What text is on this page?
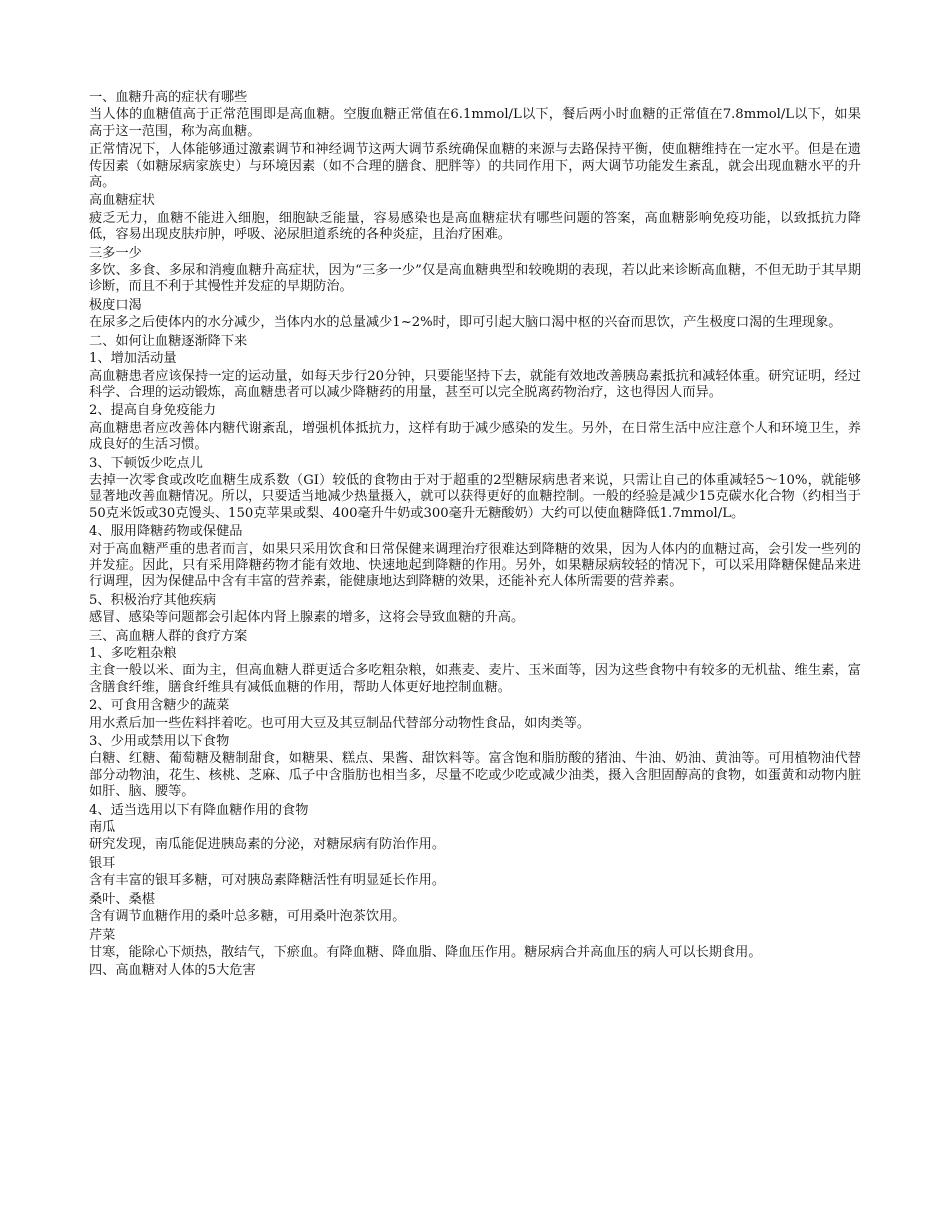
一、血糖升高的症状有哪些

当人体的血糖值高于正常范围即是高血糖。空腹血糖正常值在6.1mmol/L以下，餐后两小时血糖的正常值在7.8mmol/L以下，如果高于这一范围，称为高血糖。

正常情况下，人体能够通过激素调节和神经调节这两大调节系统确保血糖的来源与去路保持平衡，使血糖维持在一定水平。但是在遗传因素（如糖尿病家族史）与环境因素（如不合理的膳食、肥胖等）的共同作用下，两大调节功能发生紊乱，就会出现血糖水平的升高。

高血糖症状

疲乏无力，血糖不能进入细胞，细胞缺乏能量，容易感染也是高血糖症状有哪些问题的答案，高血糖影响免疫功能，以致抵抗力降低，容易出现皮肤疖肿，呼吸、泌尿胆道系统的各种炎症，且治疗困难。

三多一少

多饮、多食、多尿和消瘦血糖升高症状，因为“三多一少”仅是高血糖典型和较晚期的表现，若以此来诊断高血糖，不但无助于其早期诊断，而且不利于其慢性并发症的早期防治。

极度口渴

在尿多之后使体内的水分减少，当体内水的总量减少1~2%时，即可引起大脑口渴中枢的兴奋而思饮，产生极度口渴的生理现象。

二、如何让血糖逐渐降下来

1、增加活动量

高血糖患者应该保持一定的运动量，如每天步行20分钟，只要能坚持下去，就能有效地改善胰岛素抵抗和减轻体重。研究证明，经过科学、合理的运动锻炼，高血糖患者可以减少降糖药的用量，甚至可以完全脱离药物治疗，这也得因人而异。

2、提高自身免疫能力

高血糖患者应改善体内糖代谢紊乱，增强机体抵抗力，这样有助于减少感染的发生。另外，在日常生活中应注意个人和环境卫生，养成良好的生活习惯。

3、下顿饭少吃点儿

去掉一次零食或改吃血糖生成系数（GI）较低的食物由于对于超重的2型糖尿病患者来说，只需让自己的体重减轻5～10%，就能够显著地改善血糖情况。所以，只要适当地减少热量摄入，就可以获得更好的血糖控制。一般的经验是减少15克碳水化合物（约相当于50克米饭或30克馒头、150克苹果或梨、400毫升牛奶或300毫升无糖酸奶）大约可以使血糖降低1.7mmol/L。

4、服用降糖药物或保健品

对于高血糖严重的患者而言，如果只采用饮食和日常保健来调理治疗很难达到降糖的效果，因为人体内的血糖过高，会引发一些列的并发症。因此，只有采用降糖药物才能有效地、快速地起到降糖的作用。另外，如果糖尿病较轻的情况下，可以采用降糖保健品来进行调理，因为保健品中含有丰富的营养素，能健康地达到降糖的效果，还能补充人体所需要的营养素。

5、积极治疗其他疾病

感冒、感染等问题都会引起体内肾上腺素的增多，这将会导致血糖的升高。

三、高血糖人群的食疗方案

1、多吃粗杂粮

主食一般以米、面为主，但高血糖人群更适合多吃粗杂粮，如燕麦、麦片、玉米面等，因为这些食物中有较多的无机盐、维生素，富含膳食纤维，膳食纤维具有减低血糖的作用，帮助人体更好地控制血糖。

2、可食用含糖少的蔬菜

用水煮后加一些佐料拌着吃。也可用大豆及其豆制品代替部分动物性食品，如肉类等。

3、少用或禁用以下食物

白糖、红糖、葡萄糖及糖制甜食，如糖果、糕点、果酱、甜饮料等。富含饱和脂肪酸的猪油、牛油、奶油、黄油等。可用植物油代替部分动物油，花生、核桃、芝麻、瓜子中含脂肪也相当多，尽量不吃或少吃或减少油类，摄入含胆固醇高的食物，如蛋黄和动物内脏如肝、脑、腰等。

4、适当选用以下有降血糖作用的食物

南瓜

研究发现，南瓜能促进胰岛素的分泌，对糖尿病有防治作用。

银耳

含有丰富的银耳多糖，可对胰岛素降糖活性有明显延长作用。

桑叶、桑椹

含有调节血糖作用的桑叶总多糖，可用桑叶泡茶饮用。

芹菜

甘寒，能除心下烦热，散结气，下瘀血。有降血糖、降血脂、降血压作用。糖尿病合并高血压的病人可以长期食用。

四、高血糖对人体的5大危害
